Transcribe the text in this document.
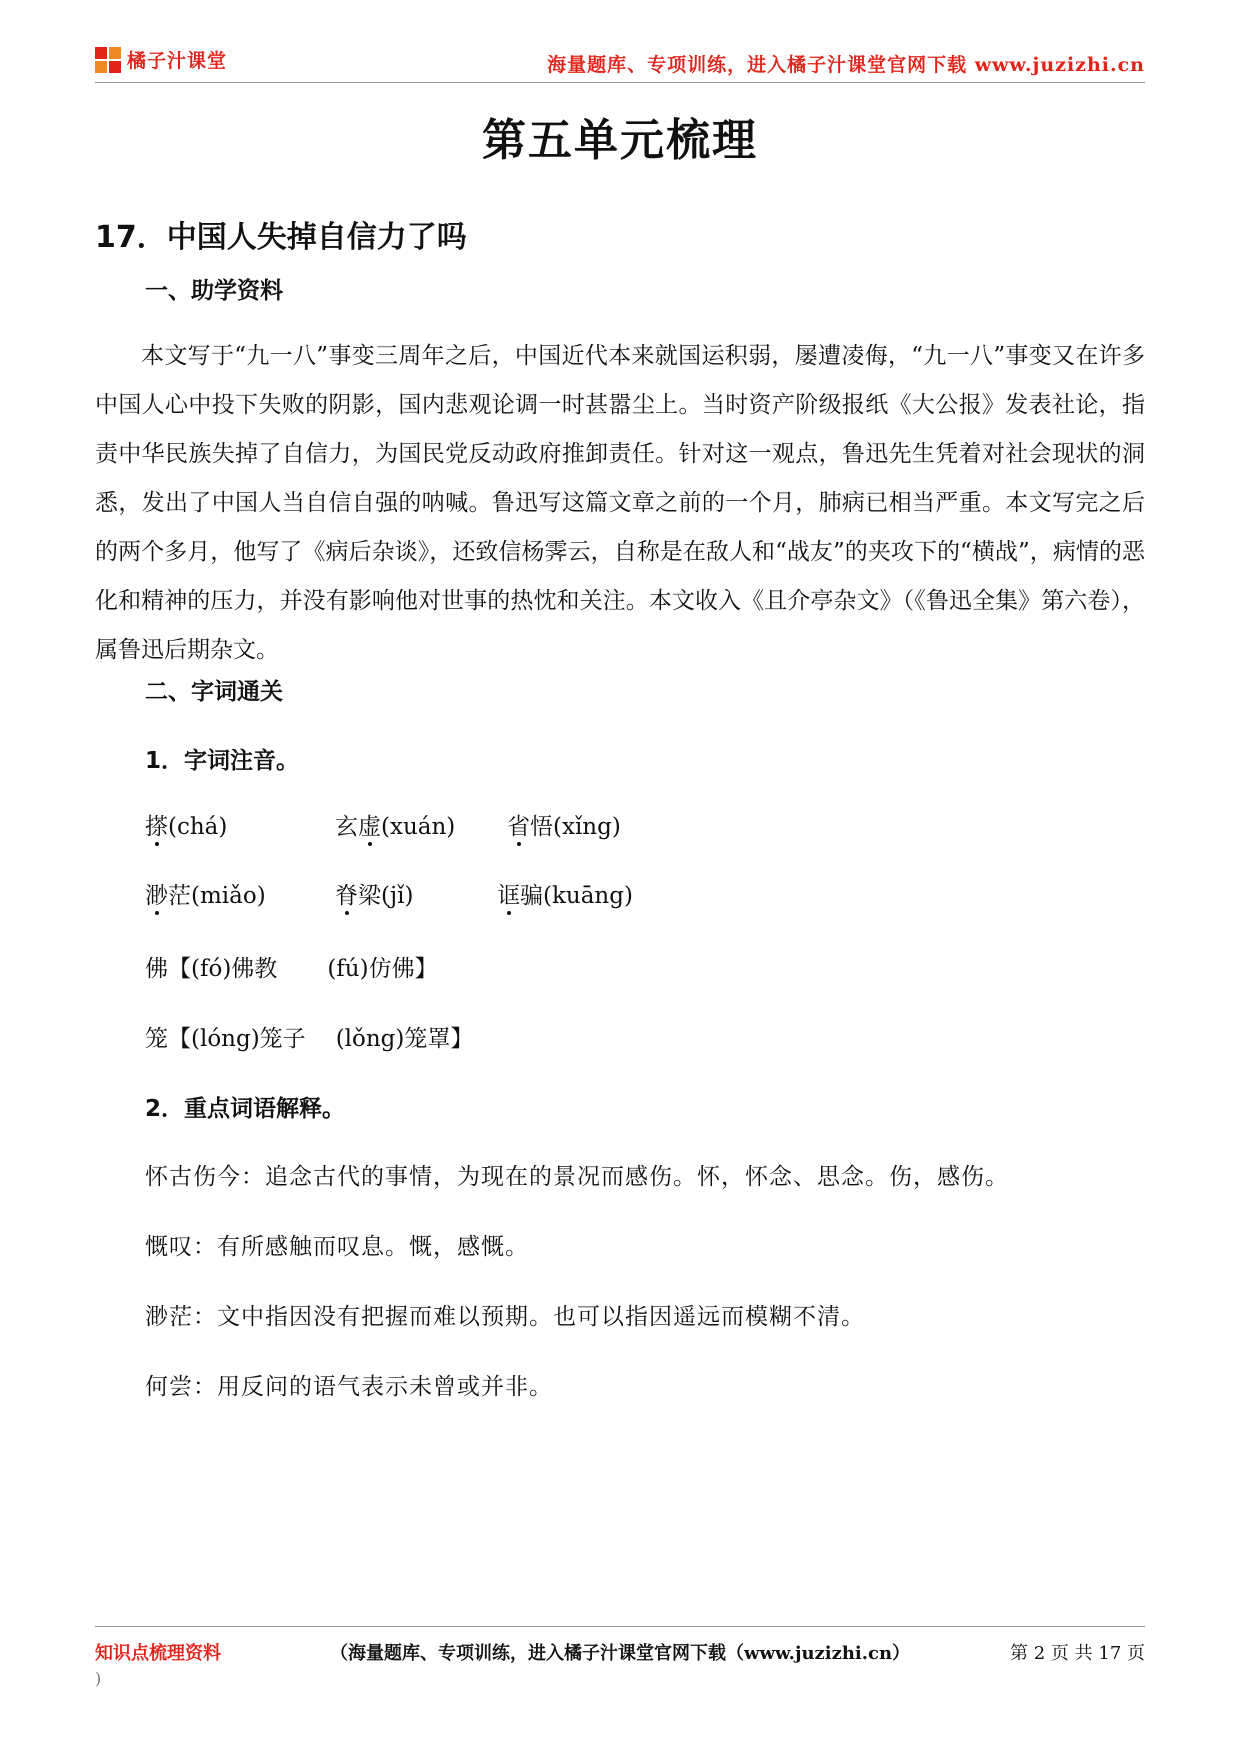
橘子汁课堂	海量题库、专项训练，进入橘子汁课堂官网下载 www.juzizhi.cn
第五单元梳理
17．中国人失掉自信力了吗
一、助学资料
本文写于“九一八”事变三周年之后，中国近代本来就国运积弱，屡遭凌侮，“九一八”事变又在许多中国人心中投下失败的阴影，国内悲观论调一时甚嚣尘上。当时资产阶级报纸《大公报》发表社论，指责中华民族失掉了自信力，为国民党反动政府推卸责任。针对这一观点，鲁迅先生凭着对社会现状的洞悉，发出了中国人当自信自强的呐喊。鲁迅写这篇文章之前的一个月，肺病已相当严重。本文写完之后的两个多月，他写了《病后杂谈》，还致信杨霁云，自称是在敌人和“战友”的夹攻下的“横战”，病情的恶化和精神的压力，并没有影响他对世事的热忱和关注。本文收入《且介亭杂文》（《鲁迅全集》第六卷），属鲁迅后期杂文。
二、字词通关
1．字词注音。
搽(chá)	玄虚(xuán) 省悟(xǐng)
渺茫(miǎo)	脊梁(jǐ)	诓骗(kuāng)
佛【(fó)佛教 (fú)仿佛】
笼【(lóng)笼子 (lǒng)笼罩】
2．重点词语解释。
怀古伤今：追念古代的事情，为现在的景况而感伤。怀，怀念、思念。伤，感伤。
慨叹：有所感触而叹息。慨，感慨。
渺茫：文中指因没有把握而难以预期。也可以指因遥远而模糊不清。
何尝：用反问的语气表示未曾或并非。
知识点梳理资料	（海量题库、专项训练，进入橘子汁课堂官网下载（www.juzizhi.cn）	第 2 页 共 17 页
)
